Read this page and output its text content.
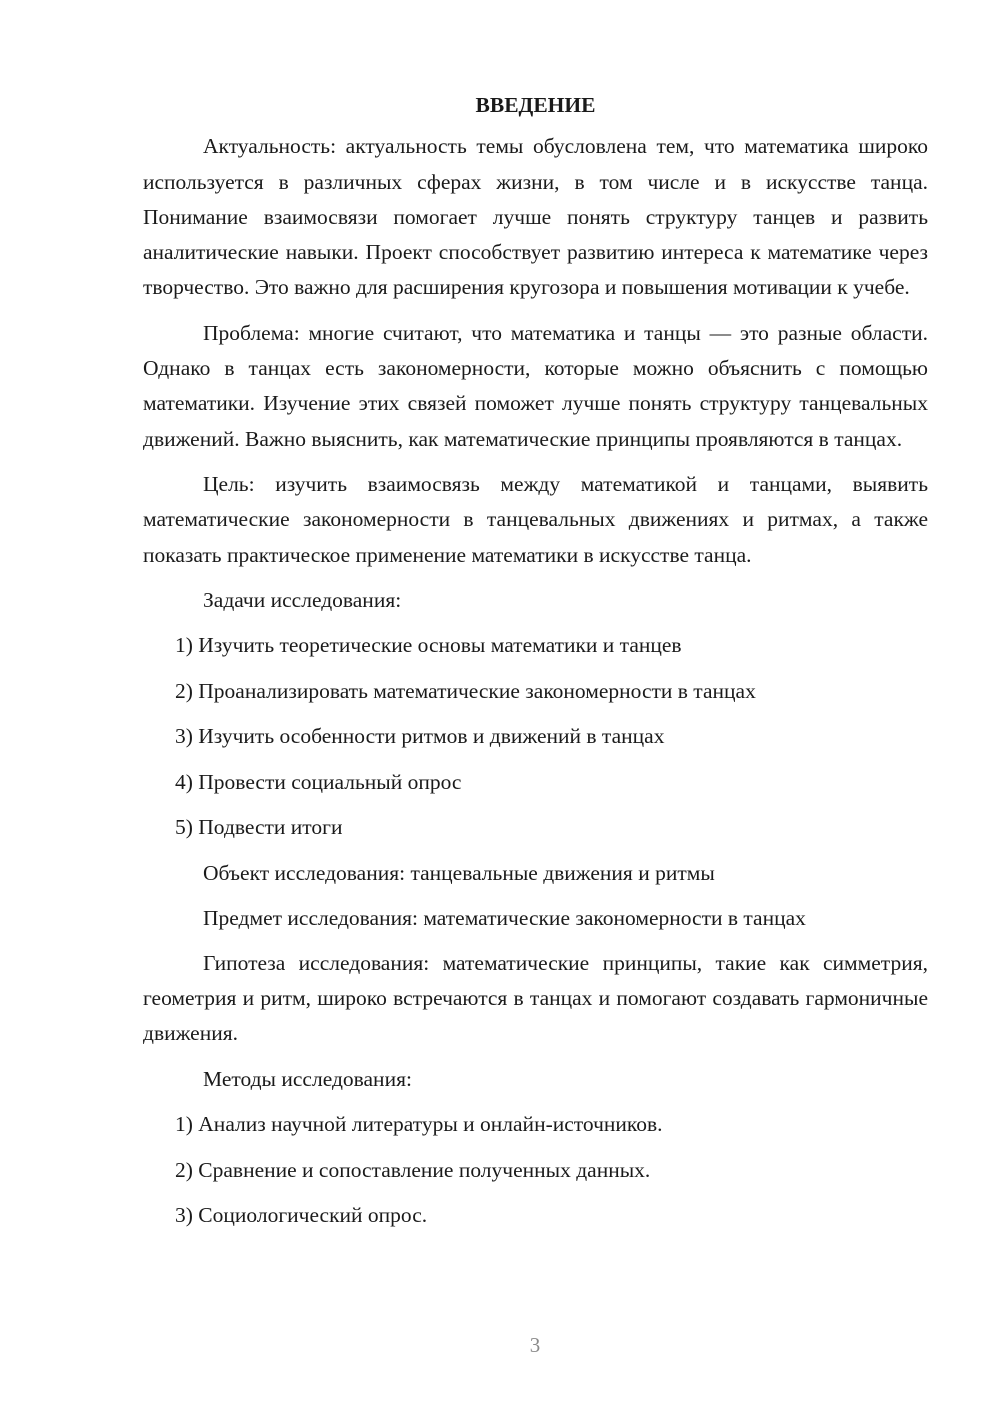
ВВЕДЕНИЕ

Актуальность: актуальность темы обусловлена тем, что математика широко используется в различных сферах жизни, в том числе и в искусстве танца. Понимание взаимосвязи помогает лучше понять структуру танцев и развить аналитические навыки. Проект способствует развитию интереса к математике через творчество. Это важно для расширения кругозора и повышения мотивации к учебе.

Проблема: многие считают, что математика и танцы — это разные области. Однако в танцах есть закономерности, которые можно объяснить с помощью математики. Изучение этих связей поможет лучше понять структуру танцевальных движений. Важно выяснить, как математические принципы проявляются в танцах.

Цель: изучить взаимосвязь между математикой и танцами, выявить математические закономерности в танцевальных движениях и ритмах, а также показать практическое применение математики в искусстве танца.

Задачи исследования:
1) Изучить теоретические основы математики и танцев
2) Проанализировать математические закономерности в танцах
3) Изучить особенности ритмов и движений в танцах
4) Провести социальный опрос
5) Подвести итоги
Объект исследования: танцевальные движения и ритмы
Предмет исследования: математические закономерности в танцах

Гипотеза исследования: математические принципы, такие как симметрия, геометрия и ритм, широко встречаются в танцах и помогают создавать гармоничные движения.

Методы исследования:
1) Анализ научной литературы и онлайн-источников.
2) Сравнение и сопоставление полученных данных.
3) Социологический опрос.
3
